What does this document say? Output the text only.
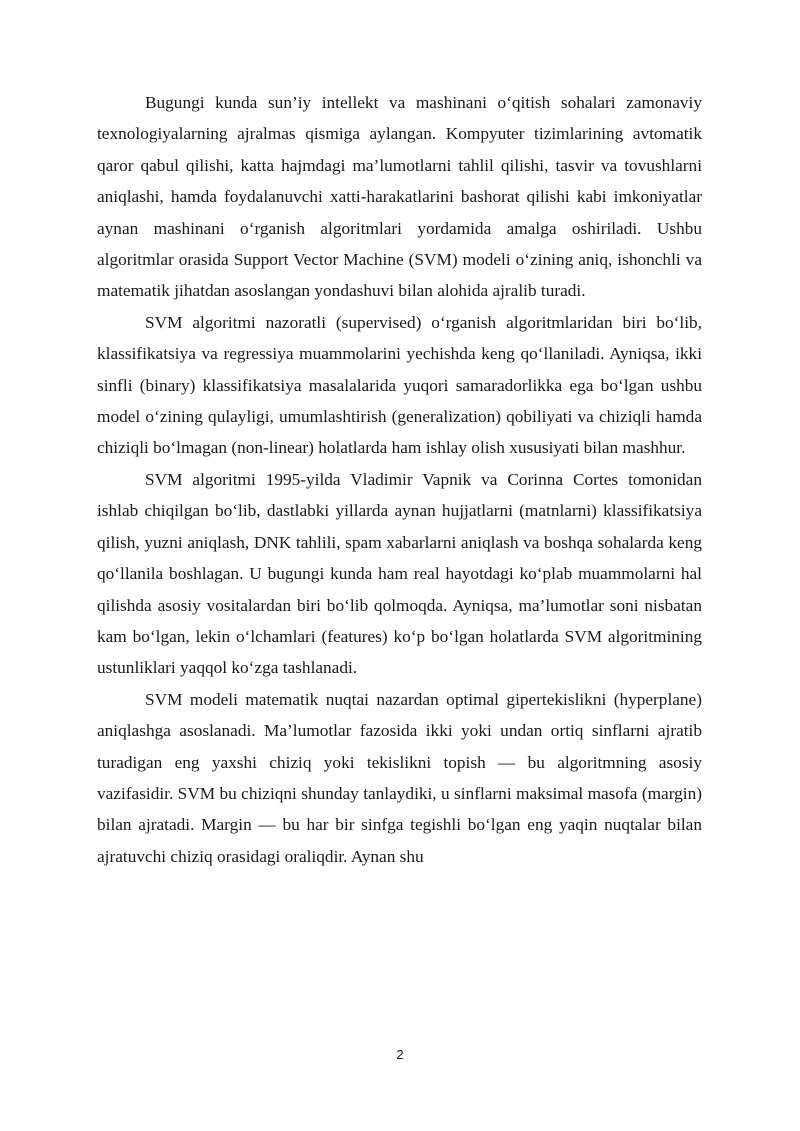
Bugungi kunda sun’iy intellekt va mashinani o‘qitish sohalari zamonaviy texnologiyalarning ajralmas qismiga aylangan. Kompyuter tizimlarining avtomatik qaror qabul qilishi, katta hajmdagi ma’lumotlarni tahlil qilishi, tasvir va tovushlarni aniqlashi, hamda foydalanuvchi xatti-harakatlarini bashorat qilishi kabi imkoniyatlar aynan mashinani o‘rganish algoritmlari yordamida amalga oshiriladi. Ushbu algoritmlar orasida Support Vector Machine (SVM) modeli o‘zining aniq, ishonchli va matematik jihatdan asoslangan yondashuvi bilan alohida ajralib turadi.

SVM algoritmi nazoratli (supervised) o‘rganish algoritmlaridan biri bo‘lib, klassifikatsiya va regressiya muammolarini yechishda keng qo‘llaniladi. Ayniqsa, ikki sinfli (binary) klassifikatsiya masalalarida yuqori samaradorlikka ega bo‘lgan ushbu model o‘zining qulayligi, umumlashtirish (generalization) qobiliyati va chiziqli hamda chiziqli bo‘lmagan (non-linear) holatlarda ham ishlay olish xususiyati bilan mashhur.

SVM algoritmi 1995-yilda Vladimir Vapnik va Corinna Cortes tomonidan ishlab chiqilgan bo‘lib, dastlabki yillarda aynan hujjatlarni (matnlarni) klassifikatsiya qilish, yuzni aniqlash, DNK tahlili, spam xabarlarni aniqlash va boshqa sohalarda keng qo‘llanila boshlagan. U bugungi kunda ham real hayotdagi ko‘plab muammolarni hal qilishda asosiy vositalardan biri bo‘lib qolmoqda. Ayniqsa, ma’lumotlar soni nisbatan kam bo‘lgan, lekin o‘lchamlari (features) ko‘p bo‘lgan holatlarda SVM algoritmining ustunliklari yaqqol ko‘zga tashlanadi.

SVM modeli matematik nuqtai nazardan optimal gipertekislikni (hyperplane) aniqlashga asoslanadi. Ma’lumotlar fazosida ikki yoki undan ortiq sinflarni ajratib turadigan eng yaxshi chiziq yoki tekislikni topish — bu algoritmning asosiy vazifasidir. SVM bu chiziqni shunday tanlaydiki, u sinflarni maksimal masofa (margin) bilan ajratadi. Margin — bu har bir sinfga tegishli bo‘lgan eng yaqin nuqtalar bilan ajratuvchi chiziq orasidagi oraliqdir. Aynan shu

2
